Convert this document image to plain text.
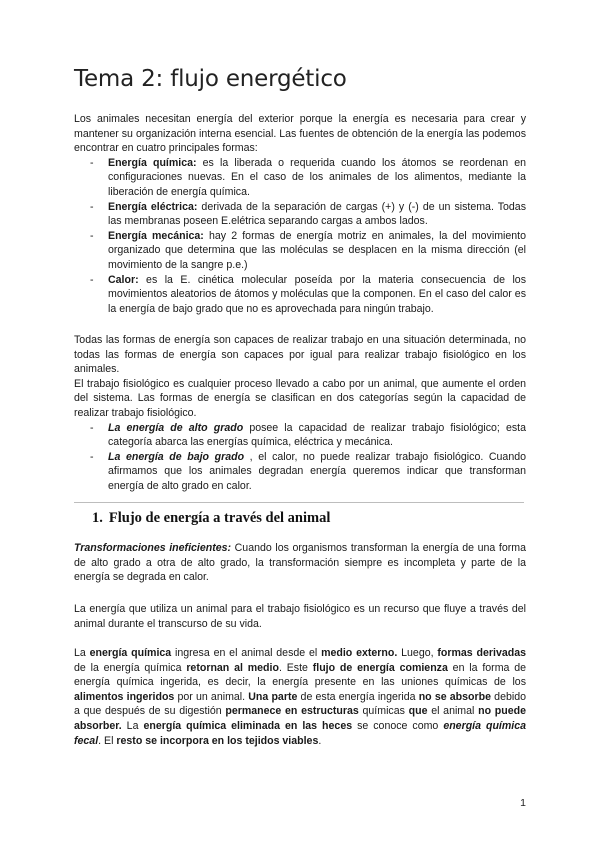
Tema 2: flujo energético

Los animales necesitan energía del exterior porque la energía es necesaria para crear y mantener su organización interna esencial. Las fuentes de obtención de la energía las podemos encontrar en cuatro principales formas:

- Energía química: es la liberada o requerida cuando los átomos se reordenan en configuraciones nuevas. En el caso de los animales de los alimentos, mediante la liberación de energía química.
- Energía eléctrica: derivada de la separación de cargas (+) y (-) de un sistema. Todas las membranas poseen E.elétrica separando cargas a ambos lados.
- Energía mecánica: hay 2 formas de energía motriz en animales, la del movimiento organizado que determina que las moléculas se desplacen en la misma dirección (el movimiento de la sangre p.e.)
- Calor: es la E. cinética molecular poseída por la materia consecuencia de los movimientos aleatorios de átomos y moléculas que la componen. En el caso del calor es la energía de bajo grado que no es aprovechada para ningún trabajo.

Todas las formas de energía son capaces de realizar trabajo en una situación determinada, no todas las formas de energía son capaces por igual para realizar trabajo fisiológico en los animales.

El trabajo fisiológico es cualquier proceso llevado a cabo por un animal, que aumente el orden del sistema. Las formas de energía se clasifican en dos categorías según la capacidad de realizar trabajo fisiológico.

- La energía de alto grado posee la capacidad de realizar trabajo fisiológico; esta categoría abarca las energías química, eléctrica y mecánica.
- La energía de bajo grado , el calor, no puede realizar trabajo fisiológico. Cuando afirmamos que los animales degradan energía queremos indicar que transforman energía de alto grado en calor.
1. Flujo de energía a través del animal

Transformaciones ineficientes: Cuando los organismos transforman la energía de una forma de alto grado a otra de alto grado, la transformación siempre es incompleta y parte de la energía se degrada en calor.

La energía que utiliza un animal para el trabajo fisiológico es un recurso que fluye a través del animal durante el transcurso de su vida.

La energía química ingresa en el animal desde el medio externo. Luego, formas derivadas de la energía química retornan al medio. Este flujo de energía comienza en la forma de energía química ingerida, es decir, la energía presente en las uniones químicas de los alimentos ingeridos por un animal. Una parte de esta energía ingerida no se absorbe debido a que después de su digestión permanece en estructuras químicas que el animal no puede absorber. La energía química eliminada en las heces se conoce como energía química fecal. El resto se incorpora en los tejidos viables.

1
